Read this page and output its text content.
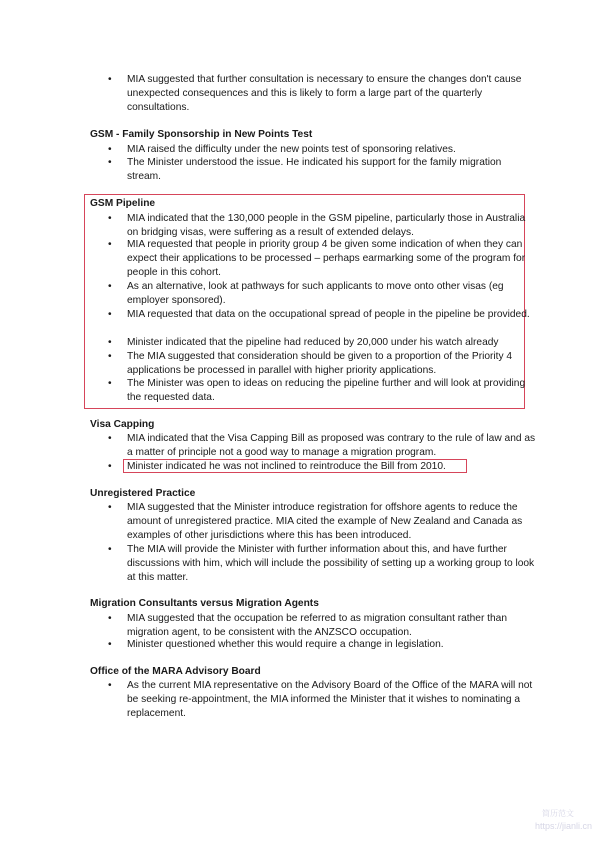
•	MIA suggested that further consultation is necessary to ensure the changes don't cause unexpected consequences and this is likely to form a large part of the quarterly consultations.
GSM - Family Sponsorship in New Points Test
•	MIA raised the difficulty under the new points test of sponsoring relatives.
•	The Minister understood the issue. He indicated his support for the family migration stream.
GSM Pipeline
•	MIA indicated that the 130,000 people in the GSM pipeline, particularly those in Australia on bridging visas, were suffering as a result of extended delays.
•	MIA requested that people in priority group 4 be given some indication of when they can expect their applications to be processed – perhaps earmarking some of the program for people in this cohort.
•	As an alternative, look at pathways for such applicants to move onto other visas (eg employer sponsored).
•	MIA requested that data on the occupational spread of people in the pipeline be provided.
•	Minister indicated that the pipeline had reduced by 20,000 under his watch already
•	The MIA suggested that consideration should be given to a proportion of the Priority 4 applications be processed in parallel with higher priority applications.
•	The Minister was open to ideas on reducing the pipeline further and will look at providing the requested data.
Visa Capping
•	MIA indicated that the Visa Capping Bill as proposed was contrary to the rule of law and as a matter of principle not a good way to manage a migration program.
•	Minister indicated he was not inclined to reintroduce the Bill from 2010.
Unregistered Practice
•	MIA suggested that the Minister introduce registration for offshore agents to reduce the amount of unregistered practice. MIA cited the example of New Zealand and Canada as examples of other jurisdictions where this has been introduced.
•	The MIA will provide the Minister with further information about this, and have further discussions with him, which will include the possibility of setting up a working group to look at this matter.
Migration Consultants versus Migration Agents
•	MIA suggested that the occupation be referred to as migration consultant rather than migration agent, to be consistent with the ANZSCO occupation.
•	Minister questioned whether this would require a change in legislation.
Office of the MARA Advisory Board
•	As the current MIA representative on the Advisory Board of the Office of the MARA will not be seeking re-appointment, the MIA informed the Minister that it wishes to nominating a replacement.
简历范文
https://jianli.cn
